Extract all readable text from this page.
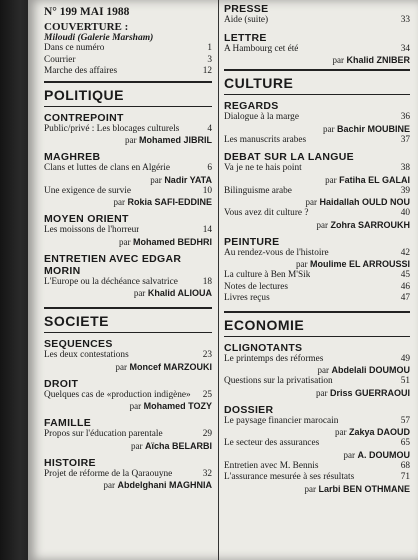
N° 199 MAI 1988
COUVERTURE :
Miloudi (Galerie Marsham)
Dans ce numéro	1
Courrier	3
Marche des affaires	12
POLITIQUE
CONTREPOINT
Public/privé : Les blocages culturels	4
par Mohamed JIBRIL
MAGHREB
Clans et luttes de clans en Algérie	6
par Nadir YATA
Une exigence de survie	10
par Rokia SAFI-EDDINE
MOYEN ORIENT
Les moissons de l'horreur	14
par Mohamed BEDHRI
ENTRETIEN AVEC EDGAR MORIN
L'Europe ou la déchéance salvatrice	18
par Khalid ALIOUA
SOCIETE
SEQUENCES
Les deux contestations	23
par Moncef MARZOUKI
DROIT
Quelques cas de «production indigène»	25
par Mohamed TOZY
FAMILLE
Propos sur l'éducation parentale	29
par Aïcha BELARBI
HISTOIRE
Projet de réforme de la Qaraouyne	32
par Abdelghani MAGHNIA
PRESSE
Aide (suite)	33
LETTRE
A Hambourg cet été	34
par Khalid ZNIBER
CULTURE
REGARDS
Dialogue à la marge	36
par Bachir MOUBINE
Les manuscrits arabes	37
DEBAT SUR LA LANGUE
Va je ne te hais point	38
par Fatiha EL GALAI
Bilinguisme arabe	39
par Haidallah OULD NOU
Vous avez dit culture ?	40
par Zohra SARROUKH
PEINTURE
Au rendez-vous de l'histoire	42
par Moulime EL ARROUSSI
La culture à Ben M'Sik	45
Notes de lectures	46
Livres reçus	47
ECONOMIE
CLIGNOTANTS
Le printemps des réformes	49
par Abdelali DOUMOU
Questions sur la privatisation	51
par Driss GUERRAOUI
DOSSIER
Le paysage financier marocain	57
par Zakya DAOUD
Le secteur des assurances	65
par A. DOUMOU
Entretien avec M. Bennis	68
L'assurance mesurée à ses résultats	71
par Larbi BEN OTHMANE
